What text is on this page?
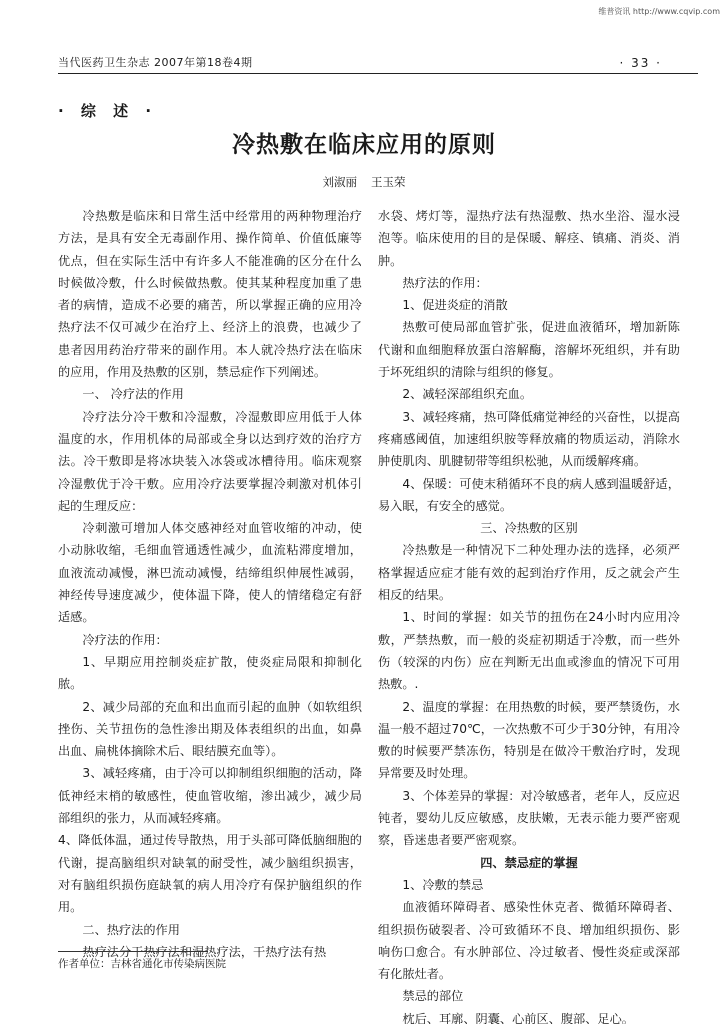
维普资讯 http://www.cqvip.com
当代医药卫生杂志 2007年第18卷4期	· 33 ·
· 综 述 ·
冷热敷在临床应用的原则
刘淑丽 王玉荣

冷热敷是临床和日常生活中经常用的两种物理治疗方法，是具有安全无毒副作用、操作简单、价值低廉等优点，但在实际生活中有许多人不能准确的区分在什么时候做冷敷，什么时候做热敷。使其某种程度加重了患者的病情，造成不必要的痛苦，所以掌握正确的应用冷热疗法不仅可减少在治疗上、经济上的浪费，也减少了患者因用药治疗带来的副作用。本人就冷热疗法在临床的应用，作用及热敷的区别，禁忌症作下列阐述。

一、 冷疗法的作用

冷疗法分冷干敷和冷湿敷，冷湿敷即应用低于人体温度的水，作用机体的局部或全身以达到疗效的治疗方法。冷干敷即是将冰块装入冰袋或冰槽待用。临床观察冷湿敷优于冷干敷。应用冷疗法要掌握冷刺激对机体引起的生理反应：

冷刺激可增加人体交感神经对血管收缩的冲动，使小动脉收缩，毛细血管通透性减少，血流粘滞度增加，血液流动减慢，淋巴流动减慢，结缔组织伸展性减弱，神经传导速度减少，使体温下降，使人的情绪稳定有舒适感。

冷疗法的作用：

1、早期应用控制炎症扩散，使炎症局限和抑制化脓。

2、减少局部的充血和出血而引起的血肿（如软组织挫伤、关节扭伤的急性渗出期及体表组织的出血，如鼻出血、扁桃体摘除术后、眼结膜充血等）。

3、减轻疼痛，由于冷可以抑制组织细胞的活动，降低神经末梢的敏感性，使血管收缩，渗出减少，减少局部组织的张力，从而减轻疼痛。

4、降低体温，通过传导散热，用于头部可降低脑细胞的代谢，提高脑组织对缺氧的耐受性，减少脑组织损害，对有脑组织损伤庭缺氧的病人用冷疗有保护脑组织的作用。

二、热疗法的作用

热疗法分干热疗法和湿热疗法，干热疗法有热

水袋、烤灯等，湿热疗法有热湿敷、热水坐浴、湿水浸泡等。临床使用的目的是保暖、解痉、镇痛、消炎、消肿。

热疗法的作用：

1、促进炎症的消散

热敷可使局部血管扩张，促进血液循环，增加新陈代谢和血细胞释放蛋白溶解酶，溶解坏死组织，并有助于坏死组织的清除与组织的修复。

2、减轻深部组织充血。

3、减轻疼痛，热可降低痛觉神经的兴奋性，以提高疼痛感阈值，加速组织胺等释放痛的物质运动，消除水肿使肌肉、肌腱韧带等组织松驰，从而缓解疼痛。

4、保暖：可使末稍循环不良的病人感到温暖舒适，易入眠，有安全的感觉。

三、冷热敷的区别

冷热敷是一种情况下二种处理办法的选择，必须严格掌握适应症才能有效的起到治疗作用，反之就会产生相反的结果。

1、时间的掌握：如关节的扭伤在24小时内应用冷敷，严禁热敷，而一般的炎症初期适于冷敷，而一些外伤（较深的内伤）应在判断无出血或渗血的情况下可用热敷。.

2、温度的掌握：在用热敷的时候，要严禁烫伤，水温一般不超过70℃，一次热敷不可少于30分钟，有用冷敷的时候要严禁冻伤，特别是在做冷干敷治疗时，发现异常要及时处理。

3、个体差异的掌握：对冷敏感者，老年人，反应迟钝者，婴幼儿反应敏感，皮肤嫩，无表示能力要严密观察，昏迷患者要严密观察。

四、禁忌症的掌握

1、冷敷的禁忌

血液循环障碍者、感染性休克者、微循环障碍者、组织损伤破裂者、冷可致循环不良、增加组织损伤、影响伤口愈合。有水肿部位、冷过敏者、慢性炎症或深部有化脓灶者。

禁忌的部位

枕后、耳廓、阴囊、心前区、腹部、足心。

作者单位：吉林省通化市传染病医院
